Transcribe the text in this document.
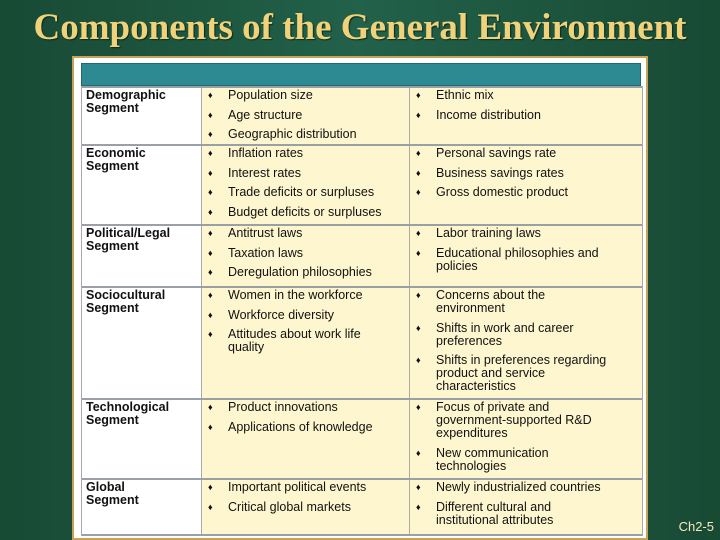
Components of the General Environment
Demographic
Segment
♦ Population size
♦ Age structure
♦ Geographic distribution
♦ Ethnic mix
♦ Income distribution
Economic
Segment
♦ Inflation rates
♦ Interest rates
♦ Trade deficits or surpluses
♦ Budget deficits or surpluses
♦ Personal savings rate
♦ Business savings rates
♦ Gross domestic product
Political/Legal
Segment
♦ Antitrust laws
♦ Taxation laws
♦ Deregulation philosophies
♦ Labor training laws
♦ Educational philosophies and
policies
Sociocultural
Segment
♦ Women in the workforce
♦ Workforce diversity
♦ Attitudes about work life
quality
♦ Concerns about the
environment
♦ Shifts in work and career
preferences
♦ Shifts in preferences regarding
product and service
characteristics
Technological
Segment
♦ Product innovations
♦ Applications of knowledge
♦ Focus of private and
government-supported R&D
expenditures
♦ New communication
technologies
Global
Segment
♦ Important political events
♦ Critical global markets
♦ Newly industrialized countries
♦ Different cultural and
institutional attributes	Ch2-5
